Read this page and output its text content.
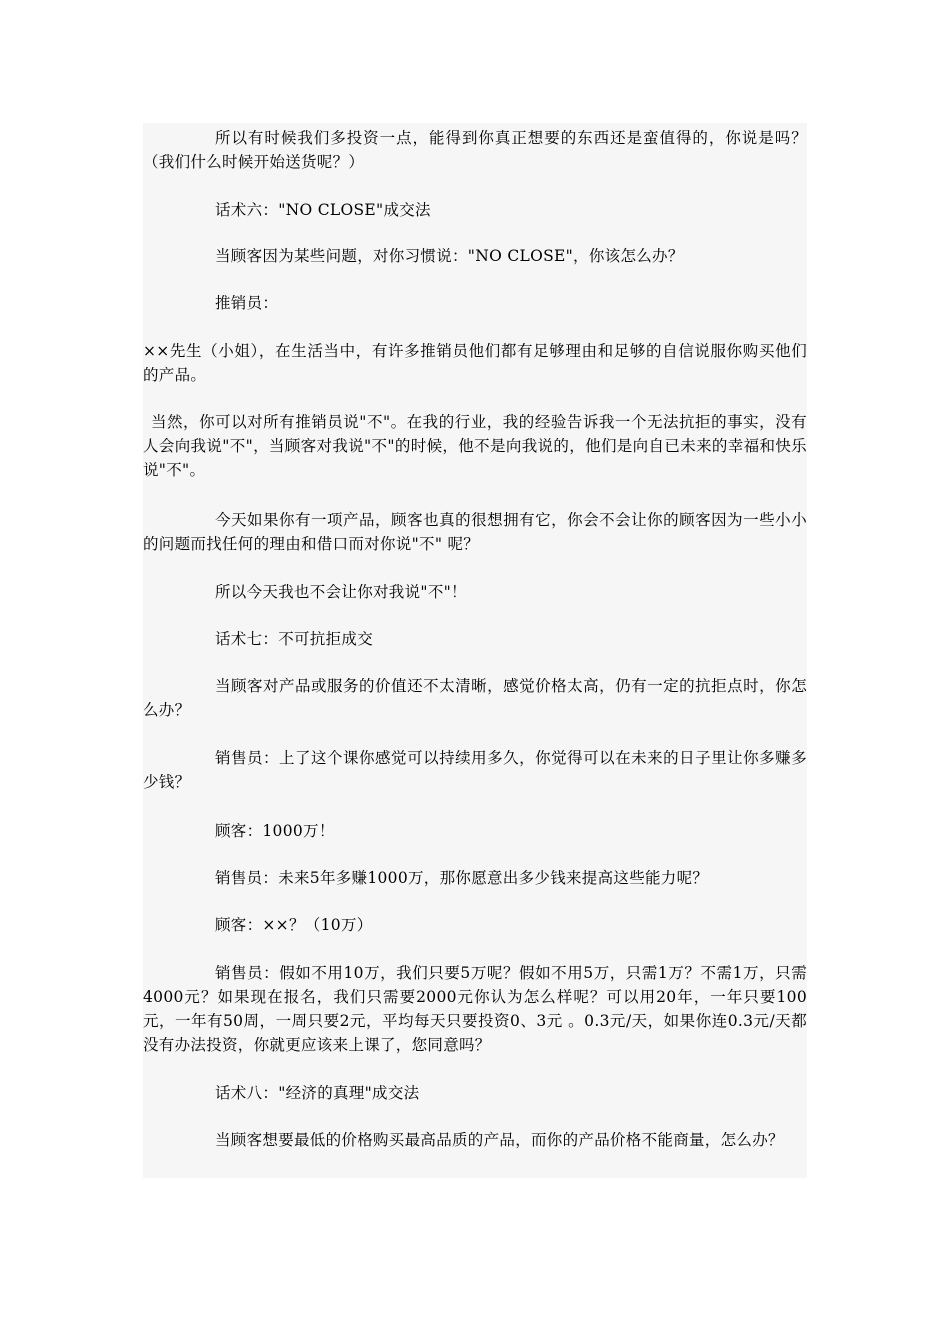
所以有时候我们多投资一点，能得到你真正想要的东西还是蛮值得的，你说是吗？（我们什么时候开始送货呢？）

话术六："NO CLOSE"成交法

当顾客因为某些问题，对你习惯说："NO CLOSE"，你该怎么办？

推销员：

××先生（小姐），在生活当中，有许多推销员他们都有足够理由和足够的自信说服你购买他们的产品。

当然，你可以对所有推销员说"不"。在我的行业，我的经验告诉我一个无法抗拒的事实，没有人会向我说"不"，当顾客对我说"不"的时候，他不是向我说的，他们是向自已未来的幸福和快乐说"不"。

今天如果你有一项产品，顾客也真的很想拥有它，你会不会让你的顾客因为一些小小的问题而找任何的理由和借口而对你说"不" 呢？

所以今天我也不会让你对我说"不"！

话术七：不可抗拒成交

当顾客对产品或服务的价值还不太清晰，感觉价格太高，仍有一定的抗拒点时，你怎么办？

销售员：上了这个课你感觉可以持续用多久，你觉得可以在未来的日子里让你多赚多少钱？

顾客：1000万！

销售员：未来5年多赚1000万，那你愿意出多少钱来提高这些能力呢？

顾客：××？（10万）

销售员：假如不用10万，我们只要5万呢？假如不用5万，只需1万？不需1万，只需4000元？如果现在报名，我们只需要2000元你认为怎么样呢？可以用20年，一年只要100元，一年有50周，一周只要2元，平均每天只要投资0、3元 。0.3元/天，如果你连0.3元/天都没有办法投资，你就更应该来上课了，您同意吗？

话术八："经济的真理"成交法

当顾客想要最低的价格购买最高品质的产品，而你的产品价格不能商量，怎么办？
